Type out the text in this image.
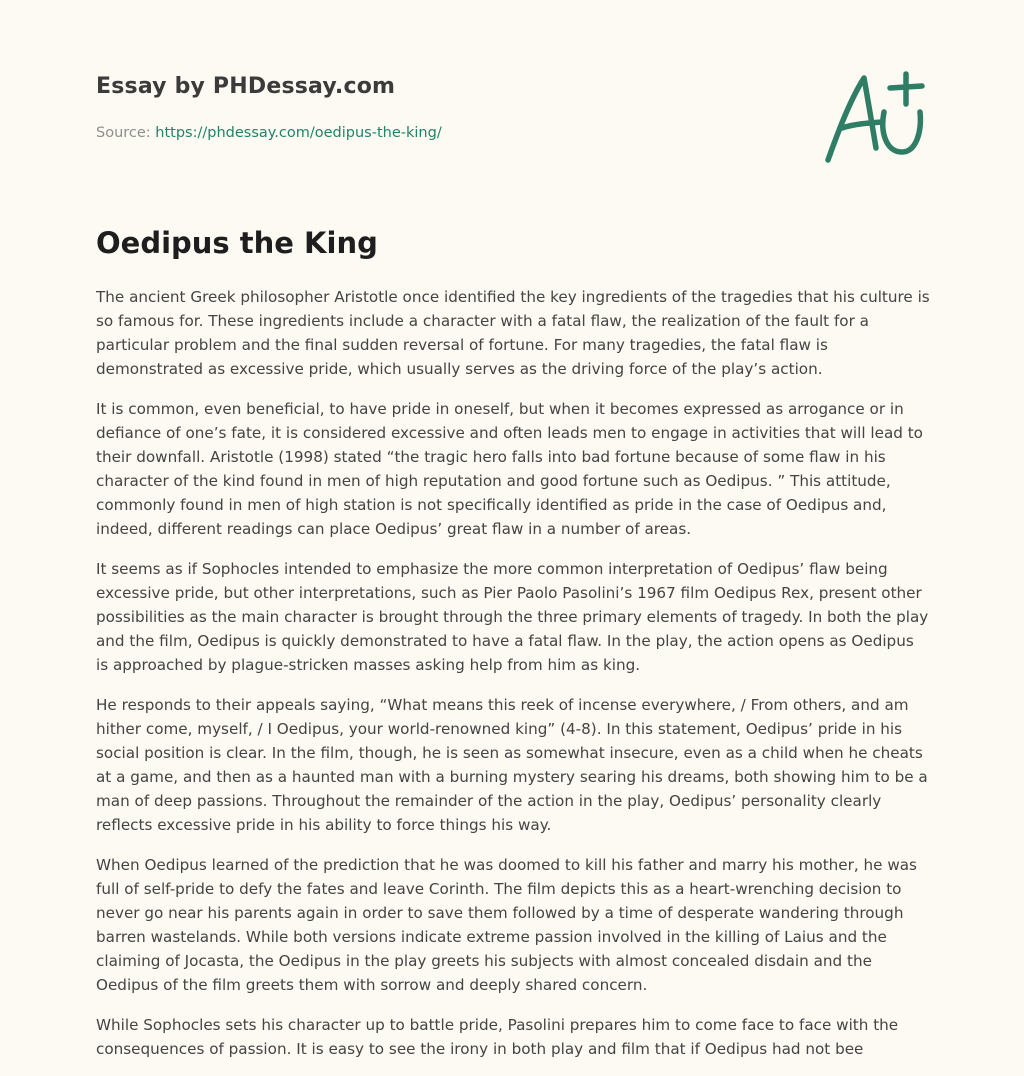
Essay by PHDessay.com
Source: https://phdessay.com/oedipus-the-king/
Oedipus the King

The ancient Greek philosopher Aristotle once identified the key ingredients of the tragedies that his culture is so famous for. These ingredients include a character with a fatal flaw, the realization of the fault for a particular problem and the final sudden reversal of fortune. For many tragedies, the fatal flaw is demonstrated as excessive pride, which usually serves as the driving force of the play’s action.

It is common, even beneficial, to have pride in oneself, but when it becomes expressed as arrogance or in defiance of one’s fate, it is considered excessive and often leads men to engage in activities that will lead to their downfall. Aristotle (1998) stated “the tragic hero falls into bad fortune because of some flaw in his character of the kind found in men of high reputation and good fortune such as Oedipus. ” This attitude, commonly found in men of high station is not specifically identified as pride in the case of Oedipus and, indeed, different readings can place Oedipus’ great flaw in a number of areas.

It seems as if Sophocles intended to emphasize the more common interpretation of Oedipus’ flaw being excessive pride, but other interpretations, such as Pier Paolo Pasolini’s 1967 film Oedipus Rex, present other possibilities as the main character is brought through the three primary elements of tragedy. In both the play and the film, Oedipus is quickly demonstrated to have a fatal flaw. In the play, the action opens as Oedipus is approached by plague-stricken masses asking help from him as king.

He responds to their appeals saying, “What means this reek of incense everywhere, / From others, and am hither come, myself, / I Oedipus, your world-renowned king” (4-8). In this statement, Oedipus’ pride in his social position is clear. In the film, though, he is seen as somewhat insecure, even as a child when he cheats at a game, and then as a haunted man with a burning mystery searing his dreams, both showing him to be a man of deep passions. Throughout the remainder of the action in the play, Oedipus’ personality clearly reflects excessive pride in his ability to force things his way.

When Oedipus learned of the prediction that he was doomed to kill his father and marry his mother, he was full of self-pride to defy the fates and leave Corinth. The film depicts this as a heart-wrenching decision to never go near his parents again in order to save them followed by a time of desperate wandering through barren wastelands. While both versions indicate extreme passion involved in the killing of Laius and the claiming of Jocasta, the Oedipus in the play greets his subjects with almost concealed disdain and the Oedipus of the film greets them with sorrow and deeply shared concern.

While Sophocles sets his character up to battle pride, Pasolini prepares him to come face to face with the consequences of passion. It is easy to see the irony in both play and film that if Oedipus had not bee
